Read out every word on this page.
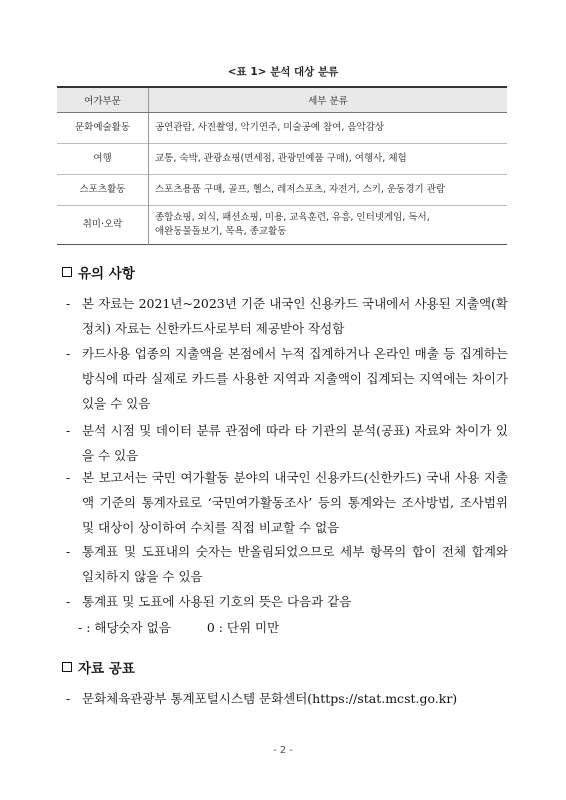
<표 1> 분석 대상 분류
여가부문	세부 분류
문화예술활동	공연관람, 사진촬영, 악기연주, 미술공예 참여, 음악감상
여행	교통, 숙박, 관광쇼핑(면세점, 관광민예품 구매), 여행사, 체험
스포츠활동	스포츠용품 구매, 골프, 헬스, 레저스포츠, 자전거, 스키, 운동경기 관람
취미·오락	종합쇼핑, 외식, 패션쇼핑, 미용, 교육훈련, 유흥, 인터넷게임, 독서,
애완동물돌보기, 목욕, 종교활동
유의 사항
- 본 자료는 2021년~2023년 기준 내국인 신용카드 국내에서 사용된 지출액(확정치) 자료는 신한카드사로부터 제공받아 작성함
- 카드사용 업종의 지출액을 본점에서 누적 집계하거나 온라인 매출 등 집계하는 방식에 따라 실제로 카드를 사용한 지역과 지출액이 집계되는 지역에는 차이가 있을 수 있음
- 분석 시점 및 데이터 분류 관점에 따라 타 기관의 분석(공표) 자료와 차이가 있을 수 있음
- 본 보고서는 국민 여가활동 분야의 내국인 신용카드(신한카드) 국내 사용 지출액 기준의 통계자료로 ‘국민여가활동조사’ 등의 통계와는 조사방법, 조사범위 및 대상이 상이하여 수치를 직접 비교할 수 없음
- 통계표 및 도표내의 숫자는 반올림되었으므로 세부 항목의 합이 전체 합계와 일치하지 않을 수 있음
- 통계표 및 도표에 사용된 기호의 뜻은 다음과 같음
- : 해당숫자 없음	0 : 단위 미만
자료 공표
- 문화체육관광부 통계포털시스템 문화센터(https://stat.mcst.go.kr)
- 2 -
